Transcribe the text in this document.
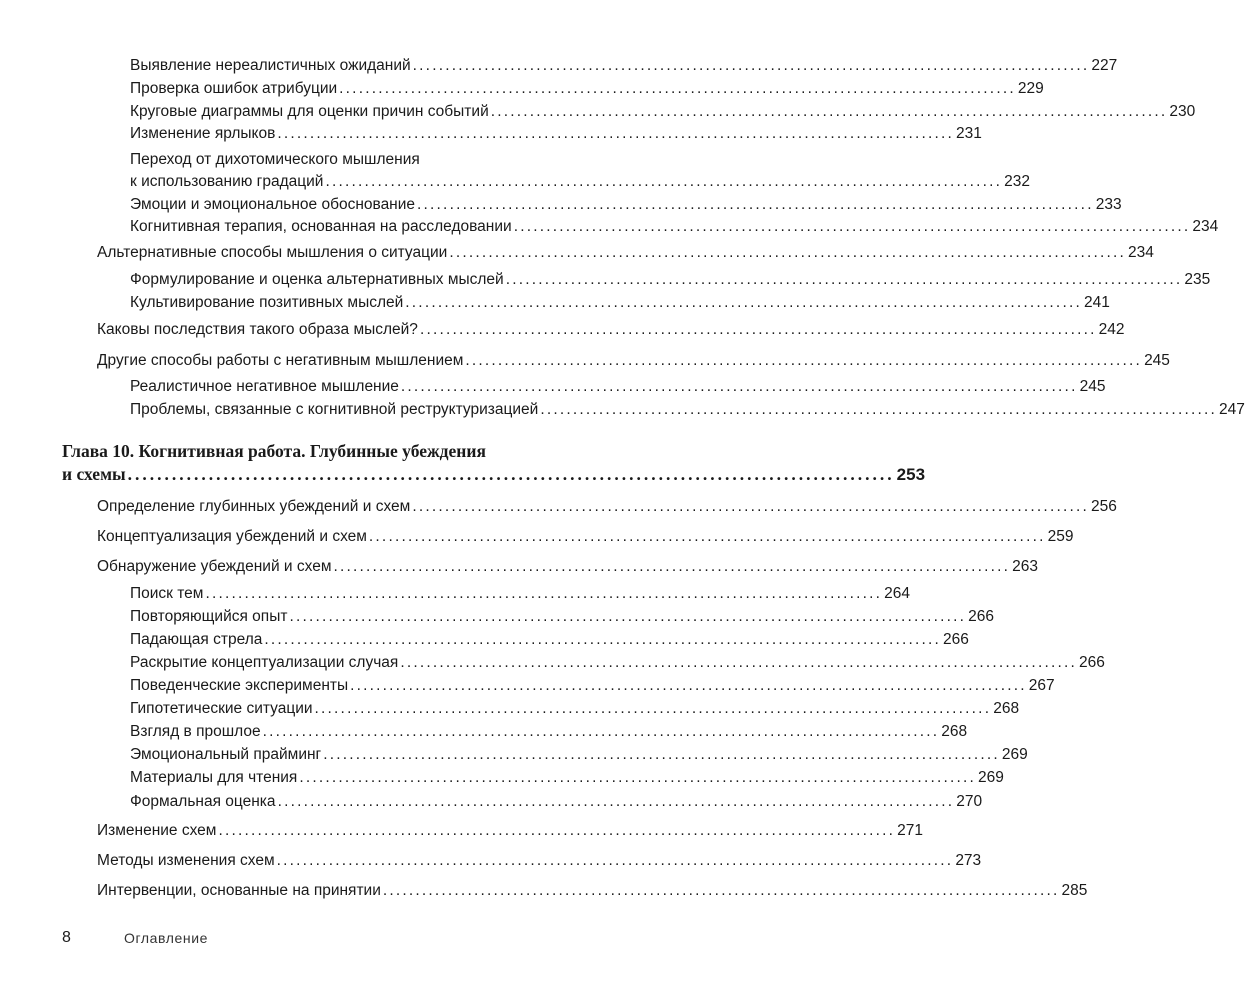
Выявление нереалистичных ожиданий ........................................................................................................ 227
Проверка ошибок атрибуции ........................................................................................................ 229
Круговые диаграммы для оценки причин событий ........................................................................................................ 230
Изменение ярлыков ........................................................................................................ 231
Переход от дихотомического мышления
к использованию градаций ........................................................................................................ 232
Эмоции и эмоциональное обоснование ........................................................................................................ 233
Когнитивная терапия, основанная на расследовании ........................................................................................................ 234
Альтернативные способы мышления о ситуации ........................................................................................................ 234
Формулирование и оценка альтернативных мыслей ........................................................................................................ 235
Культивирование позитивных мыслей ........................................................................................................ 241
Каковы последствия такого образа мыслей? ........................................................................................................ 242
Другие способы работы с негативным мышлением ........................................................................................................ 245
Реалистичное негативное мышление ........................................................................................................ 245
Проблемы, связанные с когнитивной реструктуризацией ........................................................................................................ 247
Глава 10. Когнитивная работа. Глубинные убеждения
и схемы ........................................................................................................ 253
Определение глубинных убеждений и схем ........................................................................................................ 256
Концептуализация убеждений и схем ........................................................................................................ 259
Обнаружение убеждений и схем ........................................................................................................ 263
Поиск тем ........................................................................................................ 264
Повторяющийся опыт ........................................................................................................ 266
Падающая стрела ........................................................................................................ 266
Раскрытие концептуализации случая ........................................................................................................ 266
Поведенческие эксперименты ........................................................................................................ 267
Гипотетические ситуации ........................................................................................................ 268
Взгляд в прошлое ........................................................................................................ 268
Эмоциональный прайминг ........................................................................................................ 269
Материалы для чтения ........................................................................................................ 269
Формальная оценка ........................................................................................................ 270
Изменение схем ........................................................................................................ 271
Методы изменения схем ........................................................................................................ 273
Интервенции, основанные на принятии ........................................................................................................ 285
8	Оглавление
